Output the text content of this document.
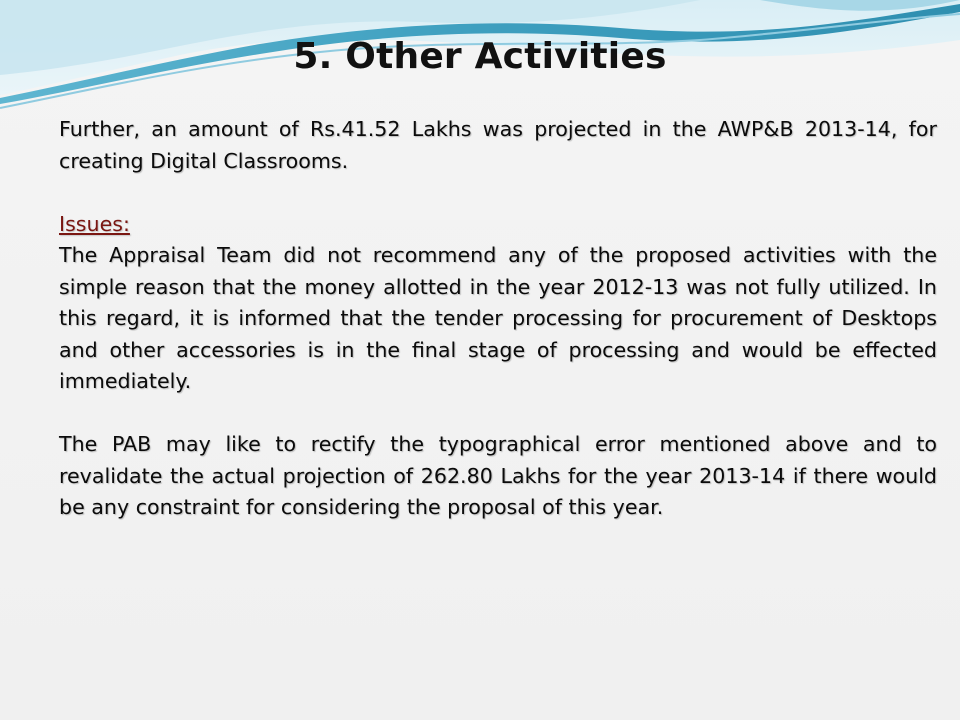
5. Other Activities

Further, an amount of Rs.41.52 Lakhs was projected in the AWP&B 2013-14, for creating Digital Classrooms.

Issues:

The Appraisal Team did not recommend any of the proposed activities with the simple reason that the money allotted in the year 2012-13 was not fully utilized. In this regard, it is informed that the tender processing for procurement of Desktops and other accessories is in the final stage of processing and would be effected immediately.

The PAB may like to rectify the typographical error mentioned above and to revalidate the actual projection of 262.80 Lakhs for the year 2013-14 if there would be any constraint for considering the proposal of this year.
